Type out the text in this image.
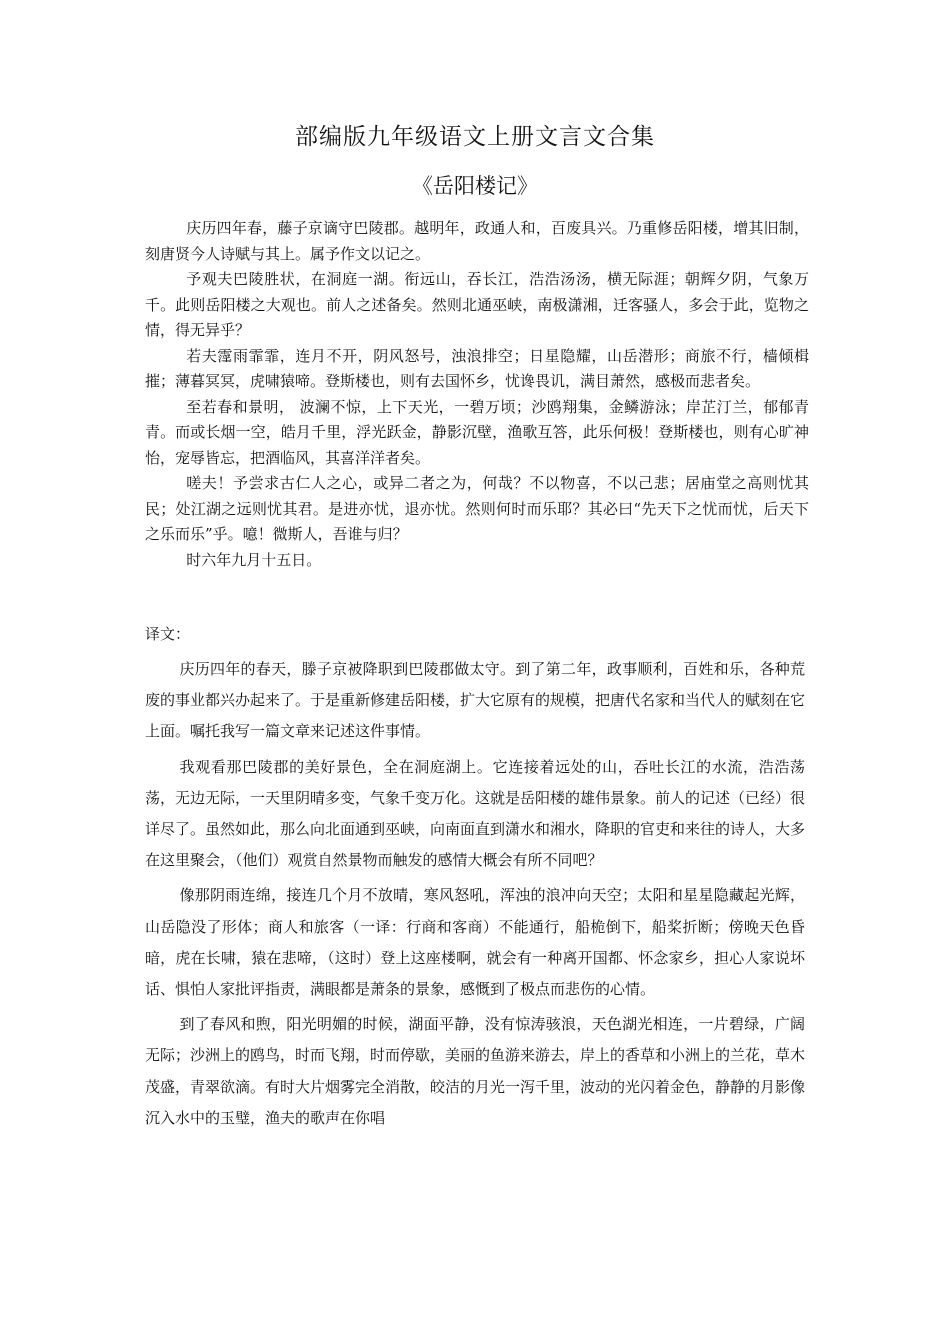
部编版九年级语文上册文言文合集
《岳阳楼记》

庆历四年春，藤子京谪守巴陵郡。越明年，政通人和，百废具兴。乃重修岳阳楼，增其旧制，刻唐贤今人诗赋与其上。属予作文以记之。

予观夫巴陵胜状，在洞庭一湖。衔远山，吞长江，浩浩汤汤，横无际涯；朝辉夕阴，气象万千。此则岳阳楼之大观也。前人之述备矣。然则北通巫峡，南极潇湘，迁客骚人，多会于此，览物之情，得无异乎？

若夫霪雨霏霏，连月不开，阴风怒号，浊浪排空；日星隐耀，山岳潜形；商旅不行，樯倾楫摧；薄暮冥冥，虎啸猿啼。登斯楼也，则有去国怀乡，忧谗畏讥，满目萧然，感极而悲者矣。

至若春和景明， 波澜不惊，上下天光，一碧万顷；沙鸥翔集，金鳞游泳；岸芷汀兰，郁郁青青。而或长烟一空，皓月千里，浮光跃金，静影沉壁，渔歌互答，此乐何极！登斯楼也，则有心旷神怡，宠辱皆忘，把酒临风，其喜洋洋者矣。

嗟夫！予尝求古仁人之心，或异二者之为，何哉？不以物喜，不以己悲；居庙堂之高则忧其民；处江湖之远则忧其君。是进亦忧，退亦忧。然则何时而乐耶？其必曰“先天下之忧而忧，后天下之乐而乐”乎。噫！微斯人，吾谁与归？

时六年九月十五日。

译文：

庆历四年的春天，滕子京被降职到巴陵郡做太守。到了第二年，政事顺利，百姓和乐，各种荒废的事业都兴办起来了。于是重新修建岳阳楼，扩大它原有的规模，把唐代名家和当代人的赋刻在它上面。嘱托我写一篇文章来记述这件事情。

我观看那巴陵郡的美好景色，全在洞庭湖上。它连接着远处的山，吞吐长江的水流，浩浩荡荡，无边无际，一天里阴晴多变，气象千变万化。这就是岳阳楼的雄伟景象。前人的记述（已经）很详尽了。虽然如此，那么向北面通到巫峡，向南面直到潇水和湘水，降职的官吏和来往的诗人，大多在这里聚会，（他们）观赏自然景物而触发的感情大概会有所不同吧？

像那阴雨连绵，接连几个月不放晴，寒风怒吼，浑浊的浪冲向天空；太阳和星星隐藏起光辉，山岳隐没了形体；商人和旅客（一译：行商和客商）不能通行，船桅倒下，船桨折断；傍晚天色昏暗，虎在长啸，猿在悲啼，（这时）登上这座楼啊，就会有一种离开国都、怀念家乡，担心人家说坏话、惧怕人家批评指责，满眼都是萧条的景象，感慨到了极点而悲伤的心情。

到了春风和煦，阳光明媚的时候，湖面平静，没有惊涛骇浪，天色湖光相连，一片碧绿，广阔无际；沙洲上的鸥鸟，时而飞翔，时而停歇，美丽的鱼游来游去，岸上的香草和小洲上的兰花，草木茂盛，青翠欲滴。有时大片烟雾完全消散，皎洁的月光一泻千里，波动的光闪着金色，静静的月影像沉入水中的玉璧，渔夫的歌声在你唱
